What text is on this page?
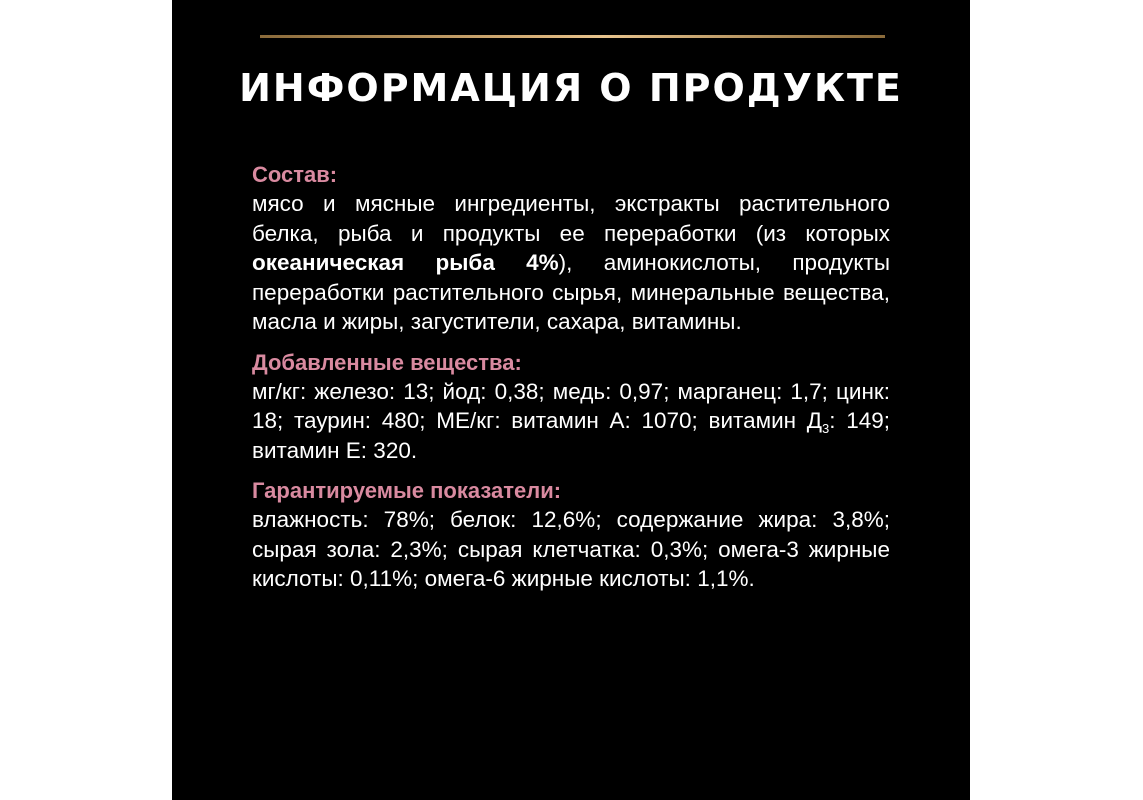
ИНФОРМАЦИЯ О ПРОДУКТЕ

Состав:

мясо и мясные ингредиенты, экстракты растительного белка, рыба и продукты ее переработки (из которых океаническая рыба 4%), аминокислоты, продукты переработки растительного сырья, минеральные вещества, масла и жиры, загустители, сахара, витамины.

Добавленные вещества:

мг/кг: железо: 13; йод: 0,38; медь: 0,97; марганец: 1,7; цинк: 18; таурин: 480; МЕ/кг: витамин А: 1070; витамин $Д_3$: 149; витамин Е: 320.

Гарантируемые показатели:

влажность: 78%; белок: 12,6%; содержание жира: 3,8%; сырая зола: 2,3%; сырая клетчатка: 0,3%; омега-3 жирные кислоты: 0,11%; омега-6 жирные кислоты: 1,1%.
